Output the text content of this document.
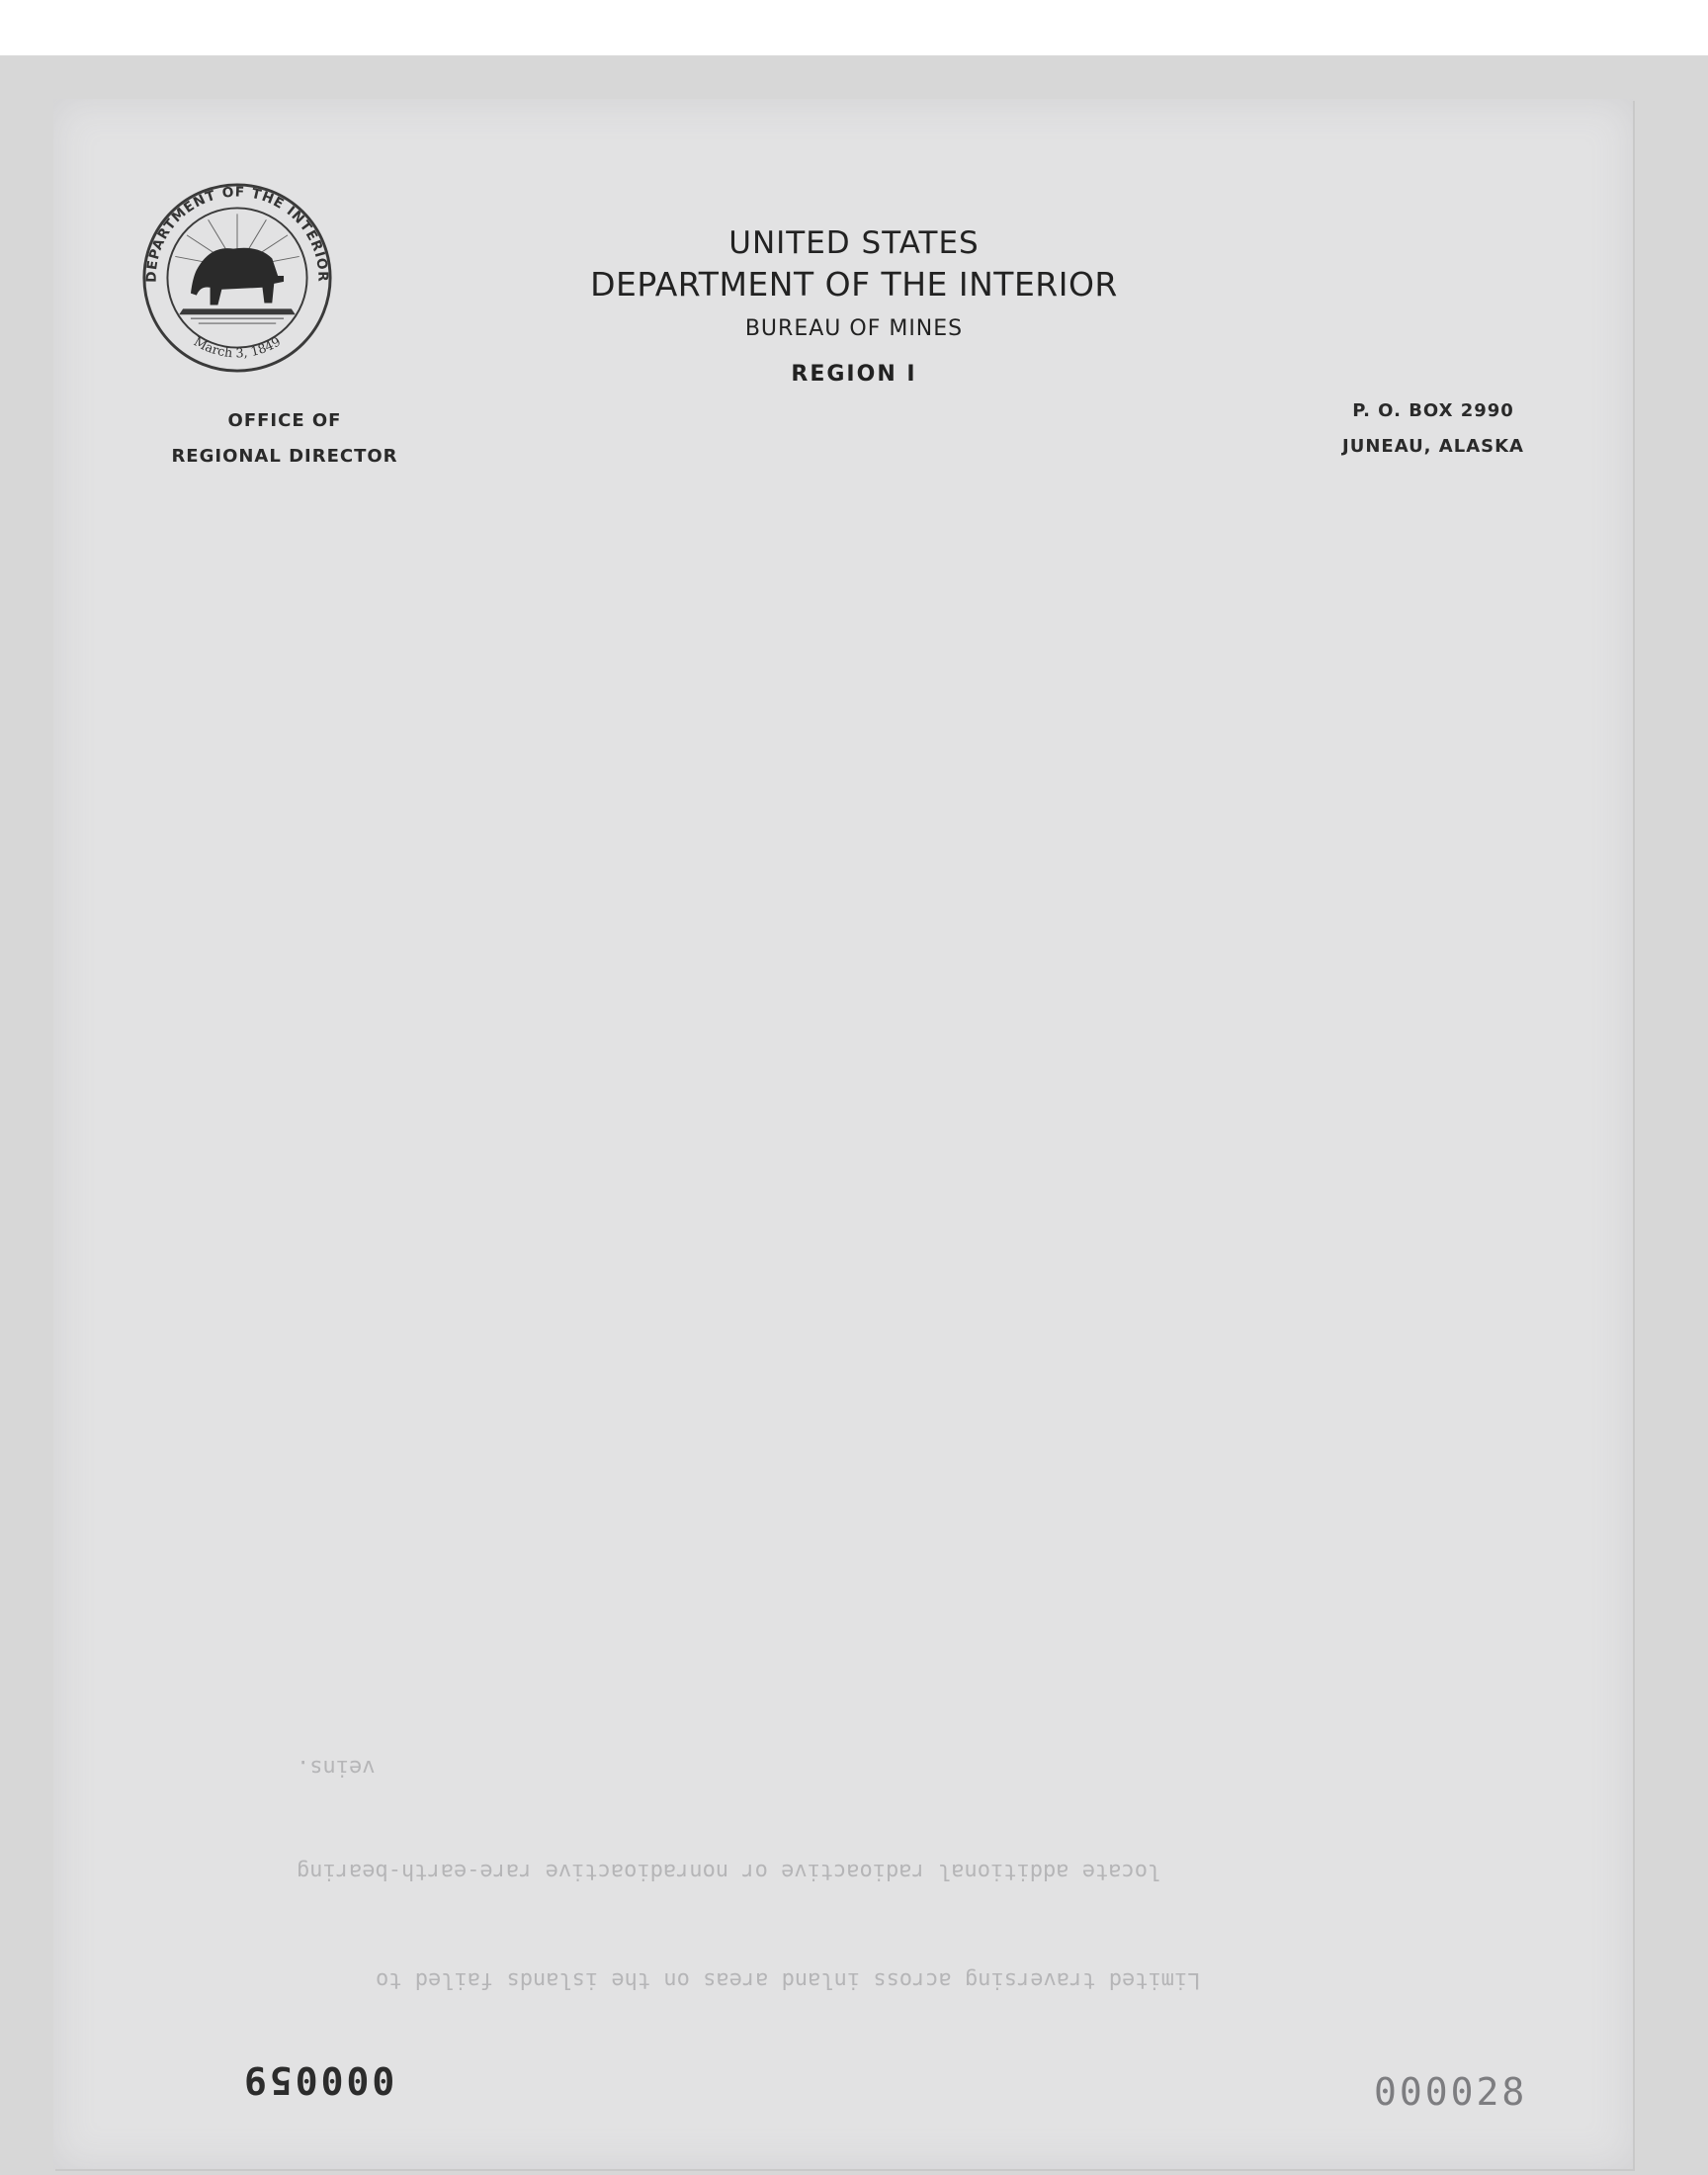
DEPARTMENT OF THE INTERIOR
March 3, 1849
UNITED STATES
DEPARTMENT OF THE INTERIOR
BUREAU OF MINES
REGION I
OFFICE OF
REGIONAL DIRECTOR
P. O. BOX 2990
JUNEAU, ALASKA
Limited traversing across inland areas on the islands failed to
locate additional radioactive or nonradioactive rare-earth-bearing
veins.
000059	000028
